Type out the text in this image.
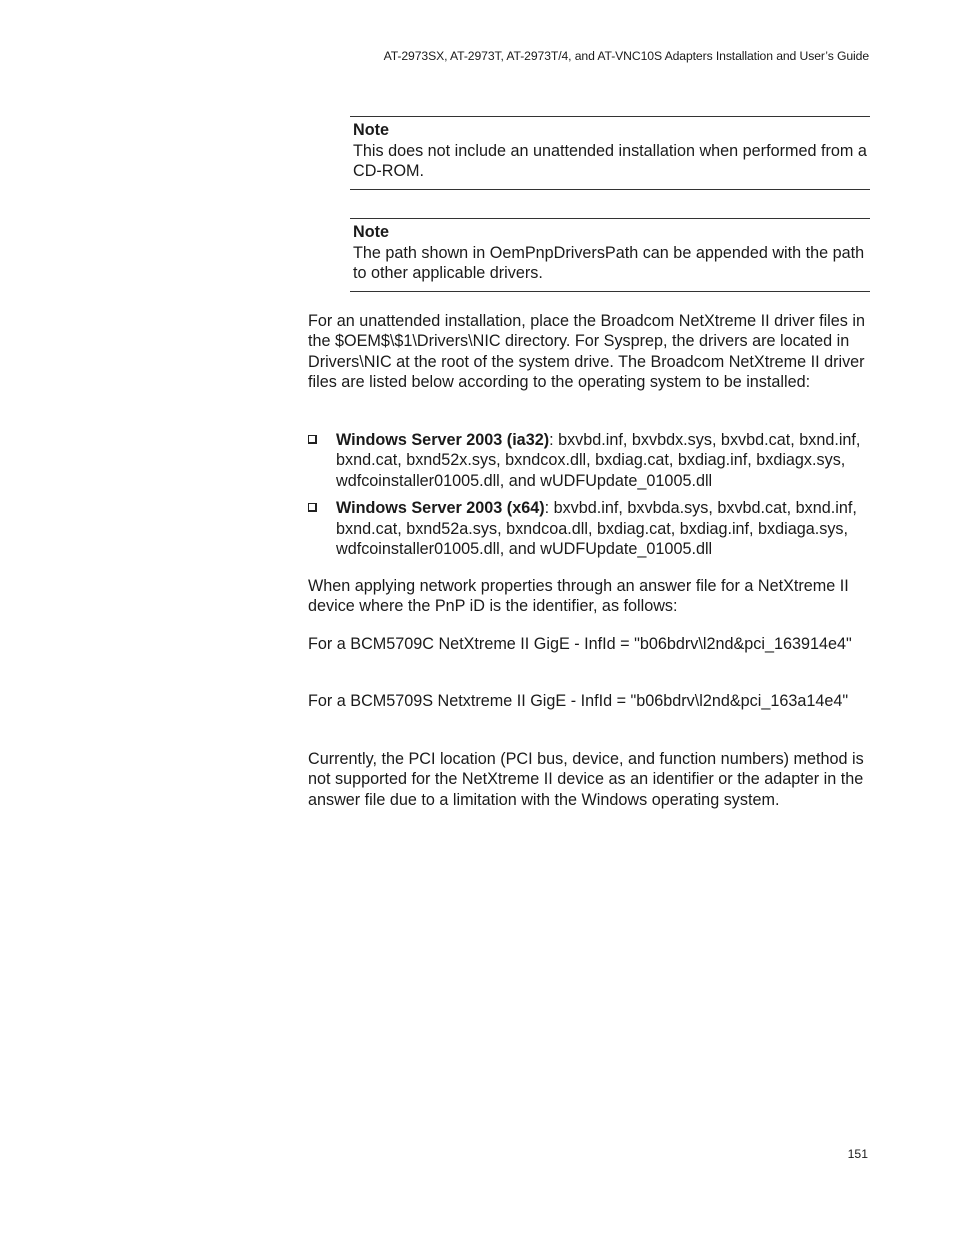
AT-2973SX, AT-2973T, AT-2973T/4, and AT-VNC10S Adapters Installation and User’s Guide
Note
This does not include an unattended installation when performed from a CD-ROM.
Note
The path shown in OemPnpDriversPath can be appended with the path to other applicable drivers.
For an unattended installation, place the Broadcom NetXtreme II driver files in the $OEM$\$1\Drivers\NIC directory. For Sysprep, the drivers are located in Drivers\NIC at the root of the system drive. The Broadcom NetXtreme II driver files are listed below according to the operating system to be installed:
Windows Server 2003 (ia32): bxvbd.inf, bxvbdx.sys, bxvbd.cat, bxnd.inf, bxnd.cat, bxnd52x.sys, bxndcox.dll, bxdiag.cat, bxdiag.inf, bxdiagx.sys, wdfcoinstaller01005.dll, and wUDFUpdate_01005.dll
Windows Server 2003 (x64): bxvbd.inf, bxvbda.sys, bxvbd.cat, bxnd.inf, bxnd.cat, bxnd52a.sys, bxndcoa.dll, bxdiag.cat, bxdiag.inf, bxdiaga.sys, wdfcoinstaller01005.dll, and wUDFUpdate_01005.dll
When applying network properties through an answer file for a NetXtreme II device where the PnP iD is the identifier, as follows:
For a BCM5709C NetXtreme II GigE - InfId = "b06bdrv\l2nd&pci_163914e4"
For a BCM5709S Netxtreme II GigE - InfId = "b06bdrv\l2nd&pci_163a14e4"
Currently, the PCI location (PCI bus, device, and function numbers) method is not supported for the NetXtreme II device as an identifier or the adapter in the answer file due to a limitation with the Windows operating system.
151
